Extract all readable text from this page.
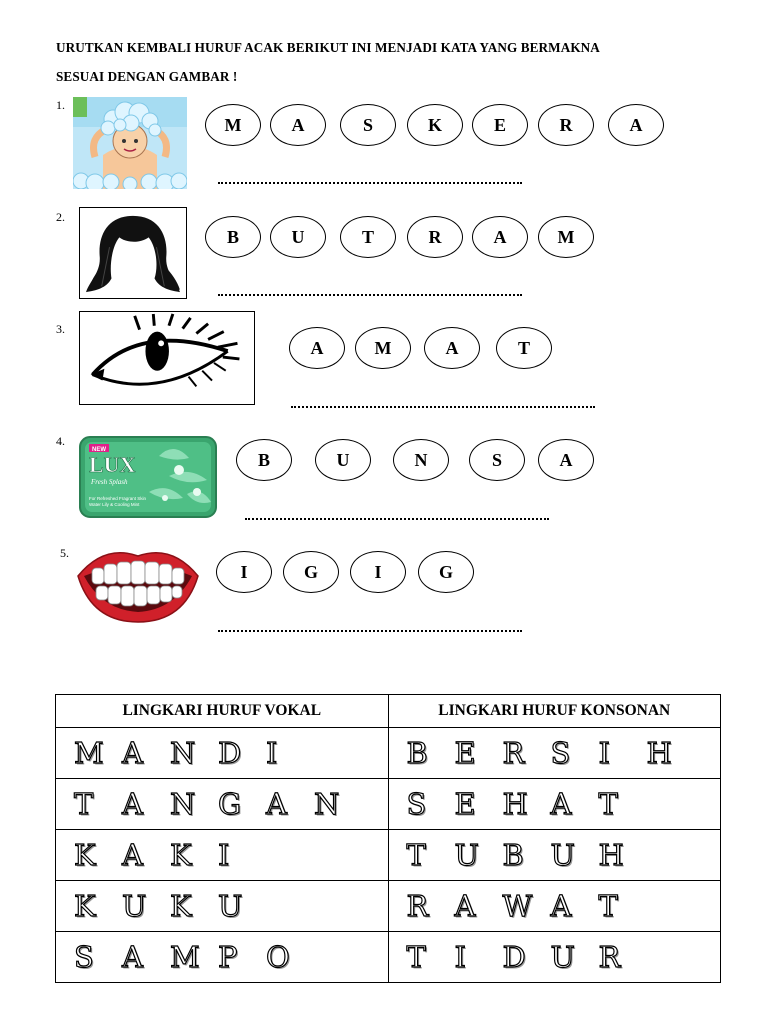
URUTKAN KEMBALI HURUF ACAK BERIKUT INI MENJADI KATA YANG BERMAKNA
SESUAI DENGAN GAMBAR !
1.
M	A	S	K	E	R	A
2.
B	U	T	R	A	M
3.
A	M	A	T
4.
NEW
LUX
Fresh Splash
For Refreshed Fragrant Skin
Water Lily & Cooling Mint
B	U	N	S	A
5.
I	G	I	G
LINGKARI HURUF VOKAL	LINGKARI HURUF KONSONAN
M A N D I	B E R S I H
T A N G A N	S E H A T
K A K I	T U B U H
K U K U	R A W A T
S A M P O	T I D U R
